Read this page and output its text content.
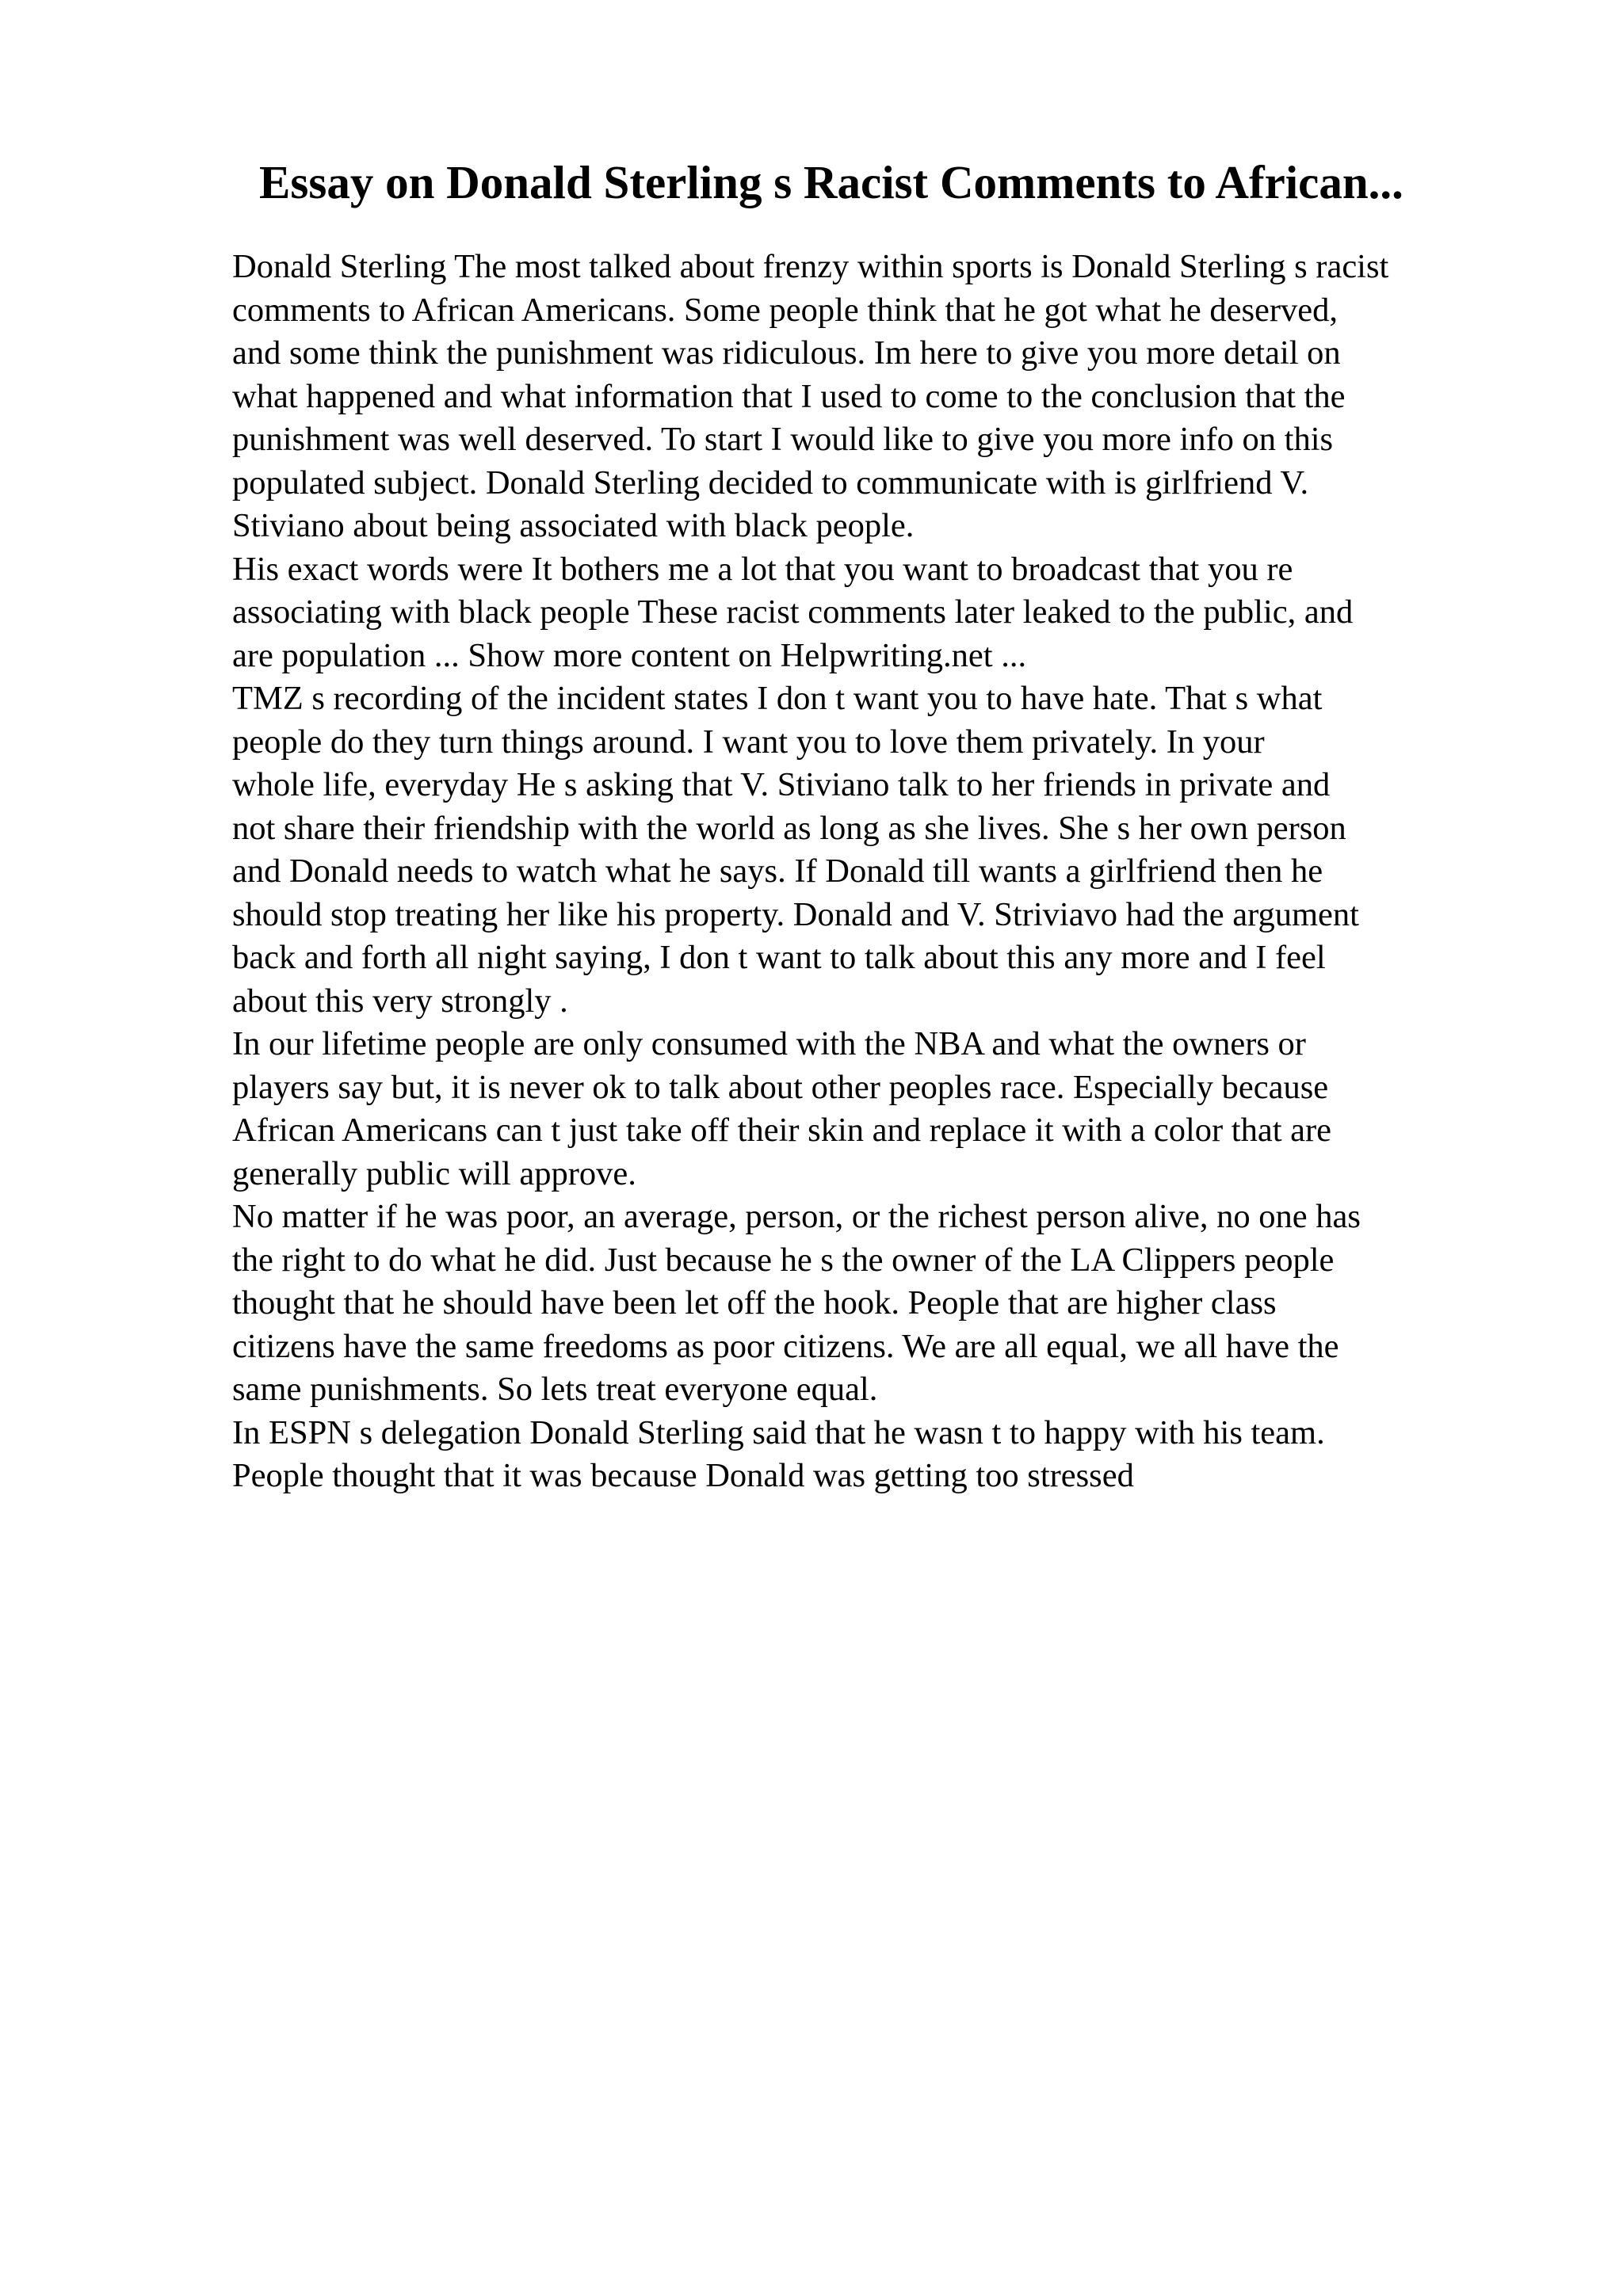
Essay on Donald Sterling s Racist Comments to African...
Donald Sterling The most talked about frenzy within sports is Donald Sterling s racist
comments to African Americans. Some people think that he got what he deserved,
and some think the punishment was ridiculous. Im here to give you more detail on
what happened and what information that I used to come to the conclusion that the
punishment was well deserved. To start I would like to give you more info on this
populated subject. Donald Sterling decided to communicate with is girlfriend V.
Stiviano about being associated with black people.
His exact words were It bothers me a lot that you want to broadcast that you re
associating with black people These racist comments later leaked to the public, and
are population ... Show more content on Helpwriting.net ...
TMZ s recording of the incident states I don t want you to have hate. That s what
people do they turn things around. I want you to love them privately. In your
whole life, everyday He s asking that V. Stiviano talk to her friends in private and
not share their friendship with the world as long as she lives. She s her own person
and Donald needs to watch what he says. If Donald till wants a girlfriend then he
should stop treating her like his property. Donald and V. Striviavo had the argument
back and forth all night saying, I don t want to talk about this any more and I feel
about this very strongly .
In our lifetime people are only consumed with the NBA and what the owners or
players say but, it is never ok to talk about other peoples race. Especially because
African Americans can t just take off their skin and replace it with a color that are
generally public will approve.
No matter if he was poor, an average, person, or the richest person alive, no one has
the right to do what he did. Just because he s the owner of the LA Clippers people
thought that he should have been let off the hook. People that are higher class
citizens have the same freedoms as poor citizens. We are all equal, we all have the
same punishments. So lets treat everyone equal.
In ESPN s delegation Donald Sterling said that he wasn t to happy with his team.
People thought that it was because Donald was getting too stressed
